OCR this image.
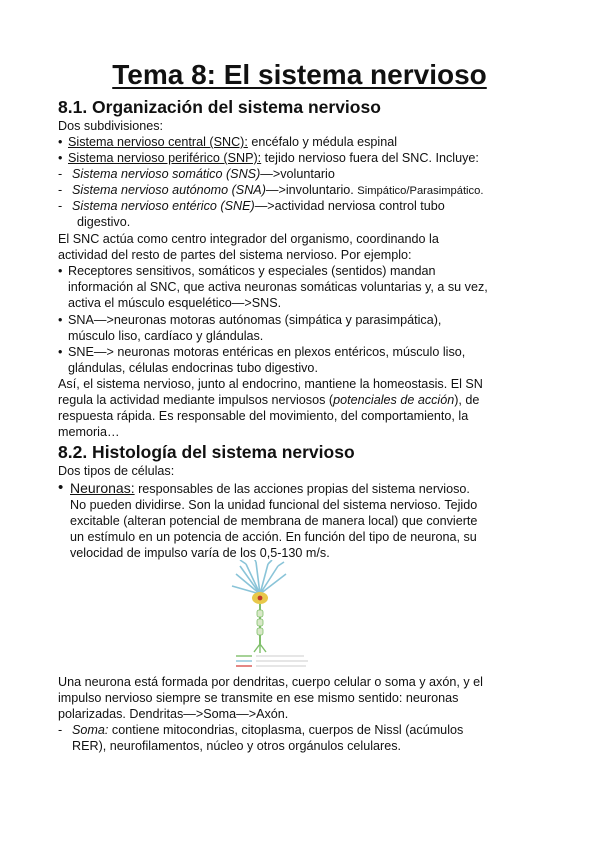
Tema 8: El sistema nervioso
8.1. Organización del sistema nervioso
Dos subdivisiones:
• Sistema nervioso central (SNC): encéfalo y médula espinal
• Sistema nervioso periférico (SNP): tejido nervioso fuera del SNC. Incluye:
- Sistema nervioso somático (SNS)—>voluntario
- Sistema nervioso autónomo (SNA)—>involuntario. Simpático/Parasimpático.
- Sistema nervioso entérico (SNE)—>actividad nerviosa control tubo
digestivo.
El SNC actúa como centro integrador del organismo, coordinando la
actividad del resto de partes del sistema nervioso. Por ejemplo:
• Receptores sensitivos, somáticos y especiales (sentidos) mandan
información al SNC, que activa neuronas somáticas voluntarias y, a su vez,
activa el músculo esquelético—>SNS.
• SNA—>neuronas motoras autónomas (simpática y parasimpática),
músculo liso, cardíaco y glándulas.
• SNE—> neuronas motoras entéricas en plexos entéricos, músculo liso,
glándulas, células endocrinas tubo digestivo.
Así, el sistema nervioso, junto al endocrino, mantiene la homeostasis. El SN
regula la actividad mediante impulsos nerviosos (potenciales de acción), de
respuesta rápida. Es responsable del movimiento, del comportamiento, la
memoria…
8.2. Histología del sistema nervioso
Dos tipos de células:
• Neuronas: responsables de las acciones propias del sistema nervioso.
No pueden dividirse. Son la unidad funcional del sistema nervioso. Tejido
excitable (alteran potencial de membrana de manera local) que convierte
un estímulo en un potencia de acción. En función del tipo de neurona, su
velocidad de impulso varía de los 0,5-130 m/s.
Una neurona está formada por dendritas, cuerpo celular o soma y axón, y el
impulso nervioso siempre se transmite en ese mismo sentido: neuronas
polarizadas. Dendritas—>Soma—>Axón.
- Soma: contiene mitocondrias, citoplasma, cuerpos de Nissl (acúmulos
RER), neurofilamentos, núcleo y otros orgánulos celulares.
